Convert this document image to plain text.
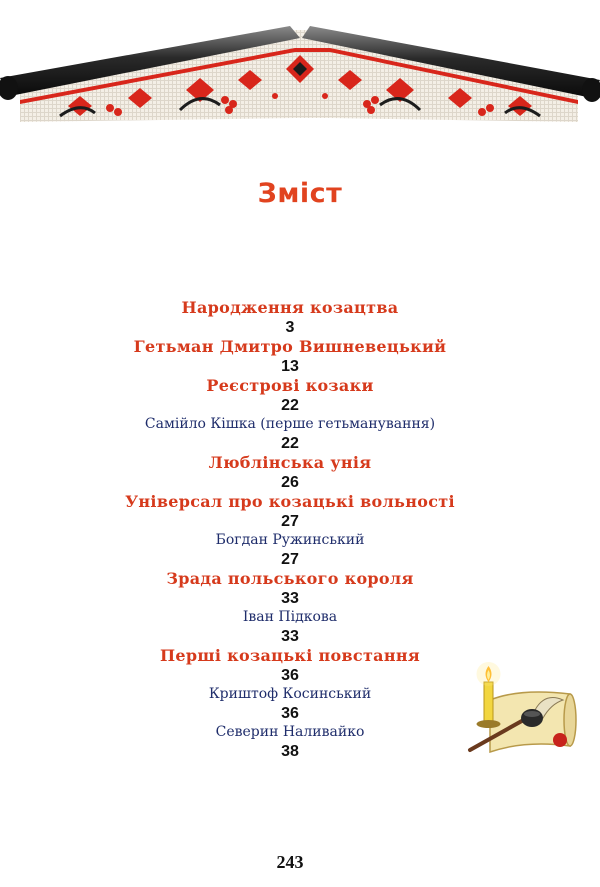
Зміст
Народження козацтва
3
Гетьман Дмитро Вишневецький
13
Реєстрові козаки
22
Самійло Кішка (перше гетьманування)
22
Люблінська унія
26
Універсал про козацькі вольності
27
Богдан Ружинський
27
Зрада польського короля
33
Іван Підкова
33
Перші козацькі повстання
36
Криштоф Косинський
36
Северин Наливайко
38
243
